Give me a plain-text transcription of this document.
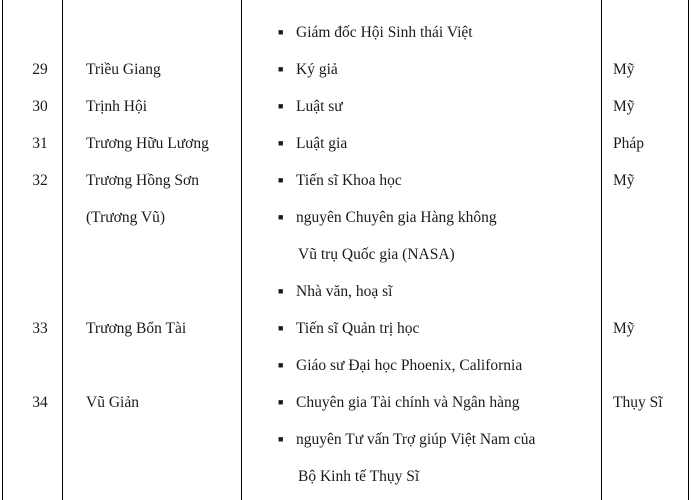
■ Giám đốc Hội Sinh thái Việt
29	Triều Giang	■ Ký giả	Mỹ
30	Trịnh Hội	■ Luật sư	Mỹ
31	Trương Hữu Lương	■ Luật gia	Pháp
32	Trương Hồng Sơn	■ Tiến sĩ Khoa học	Mỹ
(Trương Vũ)	■ nguyên Chuyên gia Hàng không
Vũ trụ Quốc gia (NASA)
■ Nhà văn, hoạ sĩ
33	Trương Bổn Tài	■ Tiến sĩ Quản trị học	Mỹ
■ Giáo sư Đại học Phoenix, California
34	Vũ Giản	■ Chuyên gia Tài chính và Ngân hàng	Thụy Sĩ
■ nguyên Tư vấn Trợ giúp Việt Nam của
Bộ Kinh tế Thụy Sĩ
